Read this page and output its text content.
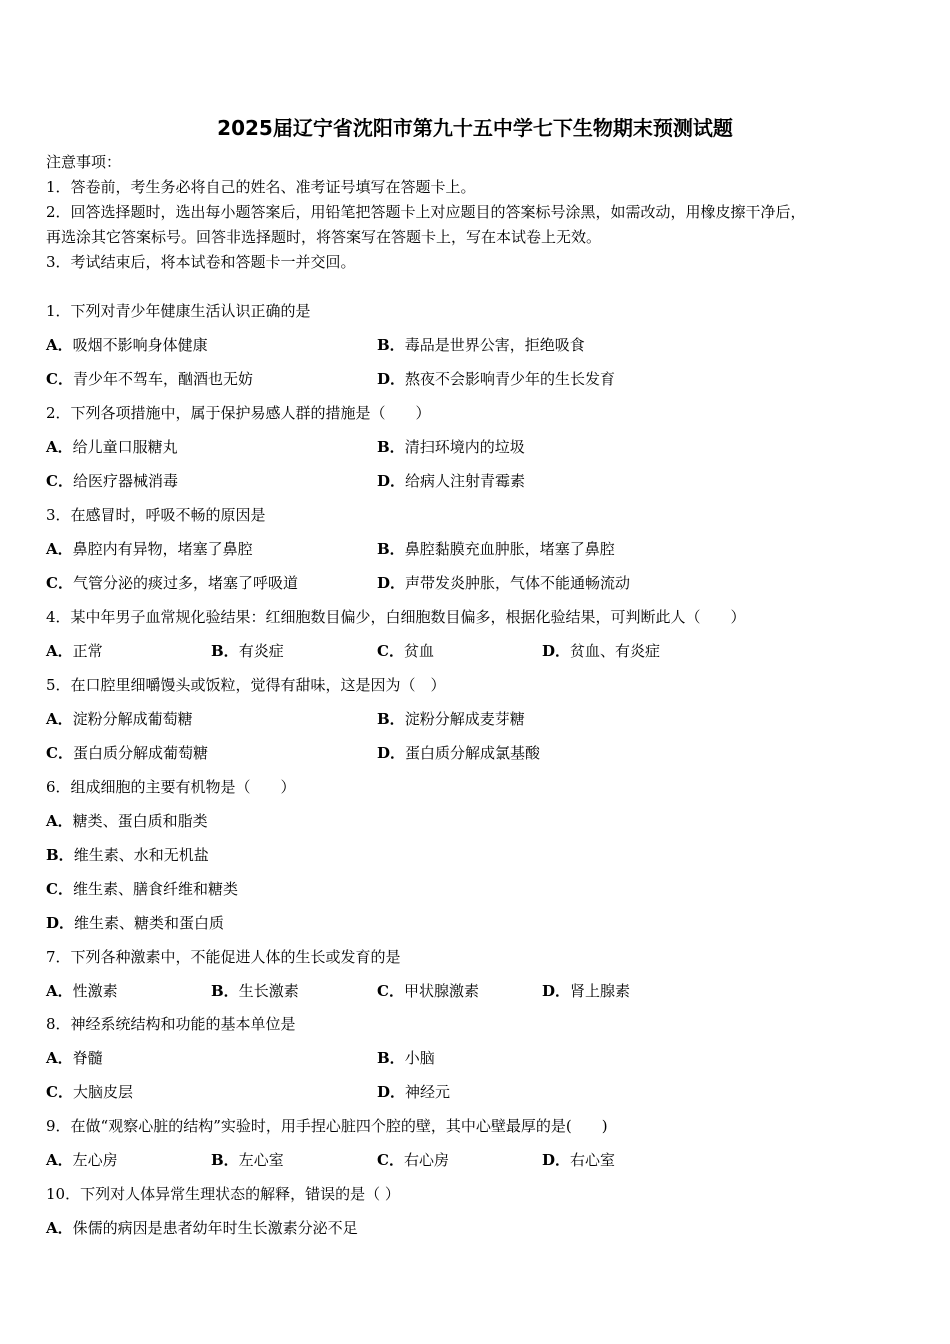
2025届辽宁省沈阳市第九十五中学七下生物期末预测试题
注意事项：
1．答卷前，考生务必将自己的姓名、准考证号填写在答题卡上。
2．回答选择题时，选出每小题答案后，用铅笔把答题卡上对应题目的答案标号涂黑，如需改动，用橡皮擦干净后，
再选涂其它答案标号。回答非选择题时，将答案写在答题卡上，写在本试卷上无效。
3．考试结束后，将本试卷和答题卡一并交回。
1．下列对青少年健康生活认识正确的是
A．吸烟不影响身体健康	B．毒品是世界公害，拒绝吸食
C．青少年不驾车，酗酒也无妨	D．熬夜不会影响青少年的生长发育
2．下列各项措施中，属于保护易感人群的措施是（　　）
A．给儿童口服糖丸	B．清扫环境内的垃圾
C．给医疗器械消毒	D．给病人注射青霉素
3．在感冒时，呼吸不畅的原因是
A．鼻腔内有异物，堵塞了鼻腔	B．鼻腔黏膜充血肿胀，堵塞了鼻腔
C．气管分泌的痰过多，堵塞了呼吸道	D．声带发炎肿胀，气体不能通畅流动
4．某中年男子血常规化验结果：红细胞数目偏少，白细胞数目偏多，根据化验结果，可判断此人（　　）
A．正常	B．有炎症	C．贫血	D．贫血、有炎症
5．在口腔里细嚼馒头或饭粒，觉得有甜味，这是因为（　）
A．淀粉分解成葡萄糖	B．淀粉分解成麦芽糖
C．蛋白质分解成葡萄糖	D．蛋白质分解成氯基酸
6．组成细胞的主要有机物是（　　）
A．糖类、蛋白质和脂类
B．维生素、水和无机盐
C．维生素、膳食纤维和糖类
D．维生素、糖类和蛋白质
7．下列各种激素中，不能促进人体的生长或发育的是
A．性激素	B．生长激素	C．甲状腺激素	D．肾上腺素
8．神经系统结构和功能的基本单位是
A．脊髓	B．小脑
C．大脑皮层	D．神经元
9．在做“观察心脏的结构”实验时，用手捏心脏四个腔的壁，其中心壁最厚的是(　　)
A．左心房	B．左心室	C．右心房	D．右心室
10．下列对人体异常生理状态的解释，错误的是（ ）
A．侏儒的病因是患者幼年时生长激素分泌不足
